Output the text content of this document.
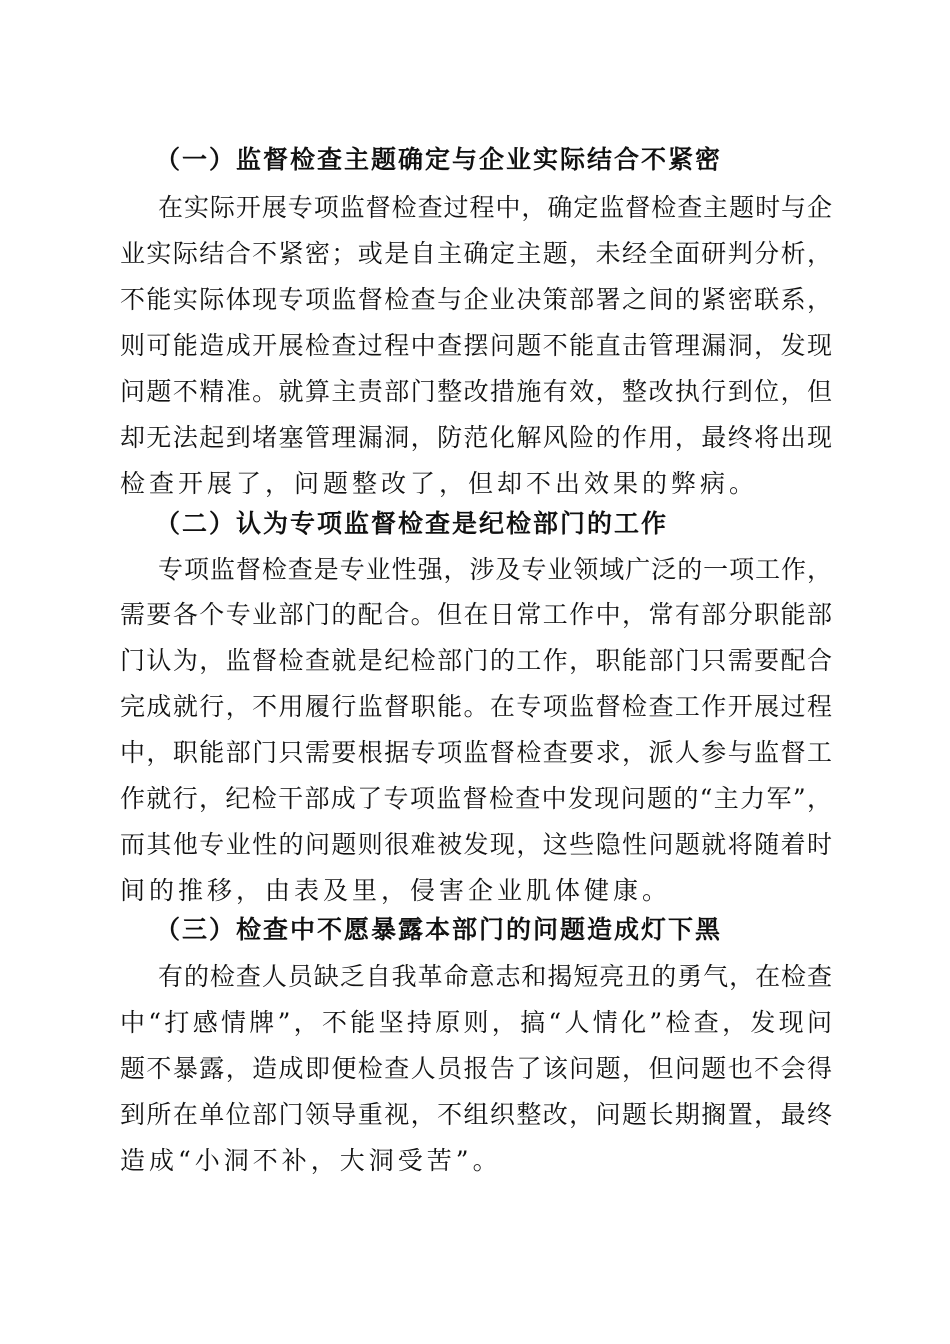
（一）监督检查主题确定与企业实际结合不紧密
在实际开展专项监督检查过程中，确定监督检查主题时与企
业实际结合不紧密；或是自主确定主题，未经全面研判分析，
不能实际体现专项监督检查与企业决策部署之间的紧密联系，
则可能造成开展检查过程中查摆问题不能直击管理漏洞，发现
问题不精准。就算主责部门整改措施有效，整改执行到位，但
却无法起到堵塞管理漏洞，防范化解风险的作用，最终将出现
检查开展了，问题整改了，但却不出效果的弊病。
（二）认为专项监督检查是纪检部门的工作
专项监督检查是专业性强，涉及专业领域广泛的一项工作，
需要各个专业部门的配合。但在日常工作中，常有部分职能部
门认为，监督检查就是纪检部门的工作，职能部门只需要配合
完成就行，不用履行监督职能。在专项监督检查工作开展过程
中，职能部门只需要根据专项监督检查要求，派人参与监督工
作就行，纪检干部成了专项监督检查中发现问题的“主力军”，
而其他专业性的问题则很难被发现，这些隐性问题就将随着时
间的推移，由表及里，侵害企业肌体健康。
（三）检查中不愿暴露本部门的问题造成灯下黑
有的检查人员缺乏自我革命意志和揭短亮丑的勇气，在检查
中“打感情牌”，不能坚持原则，搞“人情化”检查，发现问
题不暴露，造成即便检查人员报告了该问题，但问题也不会得
到所在单位部门领导重视，不组织整改，问题长期搁置，最终
造成“小洞不补，大洞受苦”。
